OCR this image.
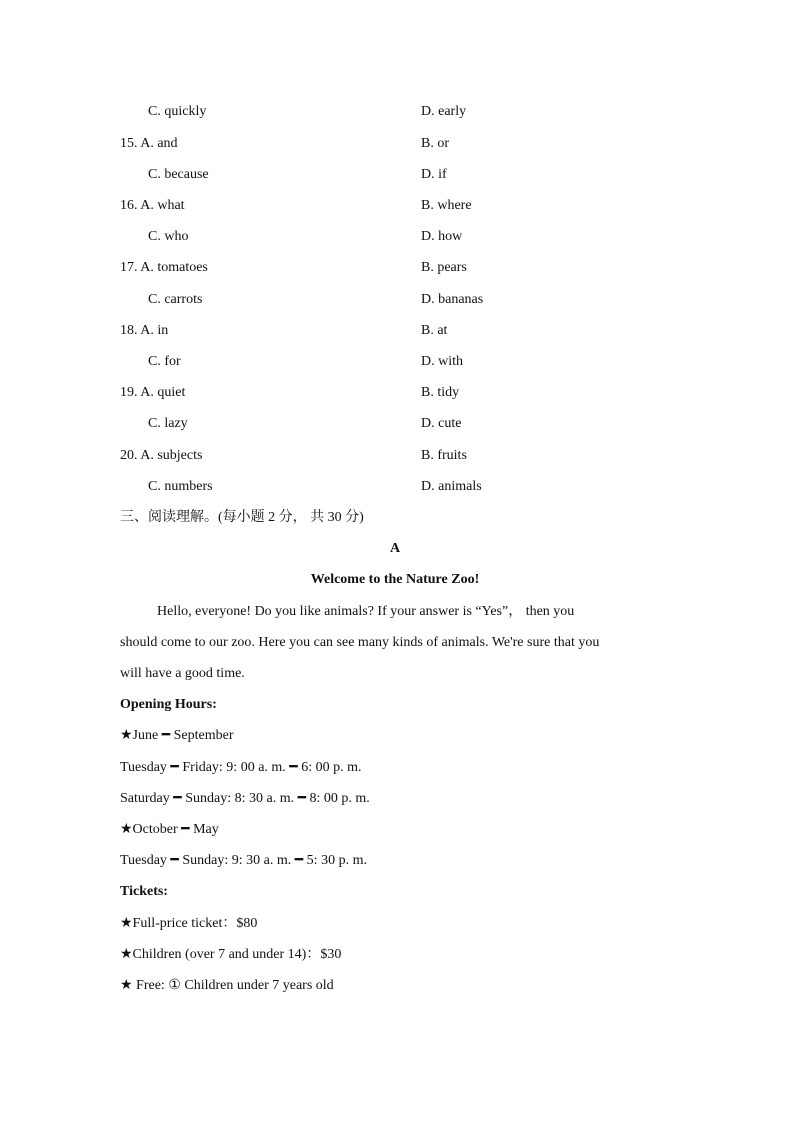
C. quickly	D. early
15. A. and	B. or
C. because	D. if
16. A. what	B. where
C. who	D. how
17. A. tomatoes	B. pears
C. carrots	D. bananas
18. A. in	B. at
C. for	D. with
19. A. quiet	B. tidy
C. lazy	D. cute
20. A. subjects	B. fruits
C. numbers	D. animals
三、阅读理解。(每小题 2 分， 共 30 分)
A
Welcome to the Nature Zoo!
Hello, everyone! Do you like animals? If your answer is “Yes”， then you
should come to our zoo. Here you can see many kinds of animals. We're sure that you
will have a good time.
Opening Hours:
★June ━ September
Tuesday ━ Friday: 9: 00 a. m. ━ 6: 00 p. m.
Saturday ━ Sunday: 8: 30 a. m. ━ 8: 00 p. m.
★October ━ May
Tuesday ━ Sunday: 9: 30 a. m. ━ 5: 30 p. m.
Tickets:
★Full-price ticket：$80
★Children (over 7 and under 14)：$30
★ Free: ① Children under 7 years old
